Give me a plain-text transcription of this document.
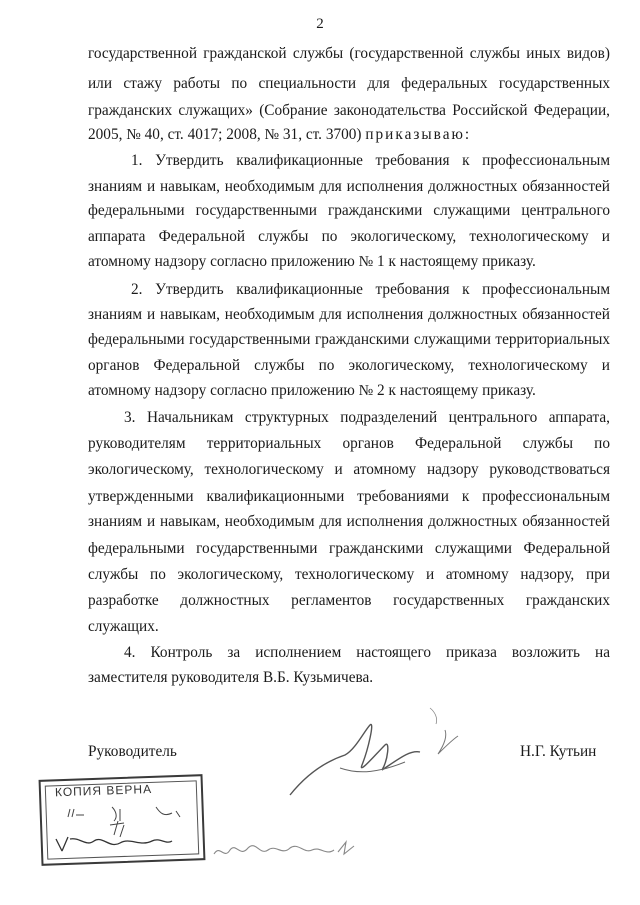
2
государственной гражданской службы (государственной службы иных видов)
или стажу работы по специальности для федеральных государственных
гражданских служащих» (Собрание законодательства Российской Федерации,
2005, № 40, ст. 4017; 2008, № 31, ст. 3700) приказываю:
1. Утвердить квалификационные требования к профессиональным
знаниям и навыкам, необходимым для исполнения должностных обязанностей
федеральными государственными гражданскими служащими центрального
аппарата Федеральной службы по экологическому, технологическому и
атомному надзору согласно приложению № 1 к настоящему приказу.
2. Утвердить квалификационные требования к профессиональным
знаниям и навыкам, необходимым для исполнения должностных обязанностей
федеральными государственными гражданскими служащими территориальных
органов Федеральной службы по экологическому, технологическому и
атомному надзору согласно приложению № 2 к настоящему приказу.
3. Начальникам структурных подразделений центрального аппарата,
руководителям территориальных органов Федеральной службы по
экологическому, технологическому и атомному надзору руководствоваться
утвержденными квалификационными требованиями к профессиональным
знаниям и навыкам, необходимым для исполнения должностных обязанностей
федеральными государственными гражданскими служащими Федеральной
службы по экологическому, технологическому и атомному надзору, при
разработке должностных регламентов государственных гражданских
служащих.
4. Контроль за исполнением настоящего приказа возложить на
заместителя руководителя В.Б. Кузьмичева.
Руководитель	Н.Г. Кутьин
КОПИЯ ВЕРНА
